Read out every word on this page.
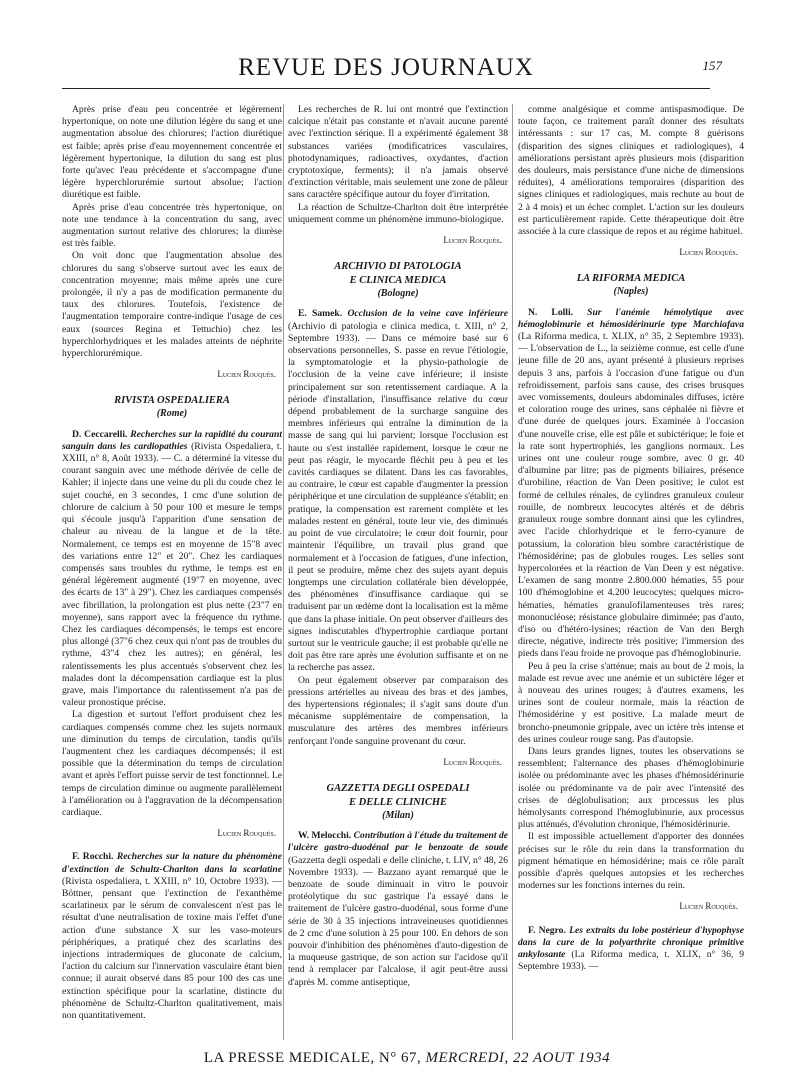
REVUE DES JOURNAUX	157

Après prise d'eau peu concentrée et légèrement hypertonique, on note une dilution légère du sang et une augmentation absolue des chlorures; l'action diurétique est faible; après prise d'eau moyennement concentrée et légèrement hypertonique, la dilution du sang est plus forte qu'avec l'eau précédente et s'accompagne d'une légère hyperchlorurémie surtout absolue; l'action diurétique est faible.

Après prise d'eau concentrée très hypertonique, on note une tendance à la concentration du sang, avec augmentation surtout relative des chlorures; la diurèse est très faible.

On voit donc que l'augmentation absolue des chlorures du sang s'observe surtout avec les eaux de concentration moyenne; mais même après une cure prolongée, il n'y a pas de modification permanente du taux des chlorures. Toutefois, l'existence de l'augmentation temporaire contre-indique l'usage de ces eaux (sources Regina et Tettuchio) chez les hyperchlorhydriques et les malades atteints de néphrite hyperchlorurémique.

Lucien Rouquès.

RIVISTA OSPEDALIERA
(Rome)

D. Ceccarelli. Recherches sur la rapidité du courant sanguin dans les cardiopathies (Rivista Ospedaliera, t. XXIII, n° 8, Août 1933). — C. a déterminé la vitesse du courant sanguin avec une méthode dérivée de celle de Kahler; il injecte dans une veine du pli du coude chez le sujet couché, en 3 secondes, 1 cmc d'une solution de chlorure de calcium à 50 pour 100 et mesure le temps qui s'écoule jusqu'à l'apparition d'une sensation de chaleur au niveau de la langue et de la tête. Normalement, ce temps est en moyenne de 15"8 avec des variations entre 12" et 20". Chez les cardiaques compensés sans troubles du rythme, le temps est en général légèrement augmenté (19"7 en moyenne, avec des écarts de 13" à 29"). Chez les cardiaques compensés avec fibrillation, la prolongation est plus nette (23"7 en moyenne), sans rapport avec la fréquence du rythme. Chez les cardiaques décompensés, le temps est encore plus allongé (37"6 chez ceux qui n'ont pas de troubles du rythme, 43"4 chez les autres); en général, les ralentissements les plus accentués s'observent chez les malades dont la décompensation cardiaque est la plus grave, mais l'importance du ralentissement n'a pas de valeur pronostique précise.

La digestion et surtout l'effort produisent chez les cardiaques compensés comme chez les sujets normaux une diminution du temps de circulation, tandis qu'ils l'augmentent chez les cardiaques décompensés; il est possible que la détermination du temps de circulation avant et après l'effort puisse servir de test fonctionnel. Le temps de circulation diminue ou augmente parallèlement à l'amélioration ou à l'aggravation de la décompensation cardiaque.

Lucien Rouquès.

F. Rocchi. Recherches sur la nature du phénomène d'extinction de Schultz-Charlton dans la scarlatine (Rivista ospedaliera, t. XXIII, n° 10, Octobre 1933). — Böttner, pensant que l'extinction de l'exanthème scarlatineux par le sérum de convalescent n'est pas le résultat d'une neutralisation de toxine mais l'effet d'une action d'une substance X sur les vaso-moteurs périphériques, a pratiqué chez des scarlatins des injections intradermiques de gluconate de calcium, l'action du calcium sur l'innervation vasculaire étant bien connue; il aurait observé dans 85 pour 100 des cas une extinction spécifique pour la scarlatine, distincte du phénomène de Schultz-Charlton qualitativement, mais non quantitativement.

Les recherches de R. lui ont montré que l'extinction calcique n'était pas constante et n'avait aucune parenté avec l'extinction sérique. Il a expérimenté également 38 substances variées (modificatrices vasculaires, photodynamiques, radioactives, oxydantes, d'action cryptotoxique, ferments); il n'a jamais observé d'extinction véritable, mais seulement une zone de pâleur sans caractère spécifique autour du foyer d'irritation.

La réaction de Schultze-Charlton doit être interprétée uniquement comme un phénomène immuno-biologique.

Lucien Rouquès.

ARCHIVIO DI PATOLOGIA
E CLINICA MEDICA
(Bologne)

E. Samek. Occlusion de la veine cave inférieure (Archivio di patologia e clinica medica, t. XIII, n° 2, Septembre 1933). — Dans ce mémoire basé sur 6 observations personnelles, S. passe en revue l'étiologie, la symptomatologie et la physio-pathologie de l'occlusion de la veine cave inférieure; il insiste principalement sur son retentissement cardiaque. A la période d'installation, l'insuffisance relative du cœur dépend probablement de la surcharge sanguine des membres inférieurs qui entraîne la diminution de la masse de sang qui lui parvient; lorsque l'occlusion est haute ou s'est installée rapidement, lorsque le cœur ne peut pas réagir, le myocarde fléchit peu à peu et les cavités cardiaques se dilatent. Dans les cas favorables, au contraire, le cœur est capable d'augmenter la pression périphérique et une circulation de suppléance s'établit; en pratique, la compensation est rarement complète et les malades restent en général, toute leur vie, des diminués au point de vue circulatoire; le cœur doit fournir, pour maintenir l'équilibre, un travail plus grand que normalement et à l'occasion de fatigues, d'une infection, il peut se produire, même chez des sujets ayant depuis longtemps une circulation collatérale bien développée, des phénomènes d'insuffisance cardiaque qui se traduisent par un œdème dont la localisation est la même que dans la phase initiale. On peut observer d'ailleurs des signes indiscutables d'hypertrophie cardiaque portant surtout sur le ventricule gauche; il est probable qu'elle ne doit pas être rare après une évolution suffisante et on ne la recherche pas assez.

On peut également observer par comparaison des pressions artérielles au niveau des bras et des jambes, des hypertensions régionales; il s'agit sans doute d'un mécanisme supplémentaire de compensation, la musculature des artères des membres inférieurs renforçant l'onde sanguine provenant du cœur.

Lucien Rouquès.

GAZZETTA DEGLI OSPEDALI
E DELLE CLINICHE
(Milan)

W. Melocchi. Contribution à l'étude du traitement de l'ulcère gastro-duodénal par le benzoate de soude (Gazzetta degli ospedali e delle cliniche, t. LIV, n° 48, 26 Novembre 1933). — Bazzano ayant remarqué que le benzoate de soude diminuait in vitro le pouvoir protéolytique du suc gastrique l'a essayé dans le traitement de l'ulcère gastro-duodénal, sous forme d'une série de 30 à 35 injections intraveineuses quotidiennes de 2 cmc d'une solution à 25 pour 100. En dehors de son pouvoir d'inhibition des phénomènes d'auto-digestion de la muqueuse gastrique, de son action sur l'acidose qu'il tend à remplacer par l'alcalose, il agit peut-être aussi d'après M. comme antiseptique,

comme analgésique et comme antispasmodique. De toute façon, ce traitement paraît donner des résultats intéressants : sur 17 cas, M. compte 8 guérisons (disparition des signes cliniques et radiologiques), 4 améliorations persistant après plusieurs mois (disparition des douleurs, mais persistance d'une niche de dimensions réduites), 4 améliorations temporaires (disparition des signes cliniques et radiologiques, mais rechute au bout de 2 à 4 mois) et un échec complet. L'action sur les douleurs est particulièrement rapide. Cette thérapeutique doit être associée à la cure classique de repos et au régime habituel.

Lucien Rouquès.

LA RIFORMA MEDICA
(Naples)

N. Lolli. Sur l'anémie hémolytique avec hémoglobinurie et hémosidérinurie type Marchiafava (La Riforma medica, t. XLIX, n° 35, 2 Septembre 1933). — L'observation de L., la seizième connue, est celle d'une jeune fille de 20 ans, ayant présenté à plusieurs reprises depuis 3 ans, parfois à l'occasion d'une fatigue ou d'un refroidissement, parfois sans cause, des crises brusques avec vomissements, douleurs abdominales diffuses, ictère et coloration rouge des urines, sans céphalée ni fièvre et d'une durée de quelques jours. Examinée à l'occasion d'une nouvelle crise, elle est pâle et subictérique; le foie et la rate sont hypertrophiés, les ganglions normaux. Les urines ont une couleur rouge sombre, avec 0 gr. 40 d'albumine par litre; pas de pigments biliaires, présence d'urobiline, réaction de Van Deen positive; le culot est formé de cellules rénales, de cylindres granuleux couleur rouille, de nombreux leucocytes altérés et de débris granuleux rouge sombre donnant ainsi que les cylindres, avec l'acide chlorhydrique et le ferro-cyanure de potassium, la coloration bleu sombre caractéristique de l'hémosidérine; pas de globules rouges. Les selles sont hypercolorées et la réaction de Van Deen y est négative. L'examen de sang montre 2.800.000 hématies, 55 pour 100 d'hémoglobine et 4.200 leucocytes; quelques micro-hématies, hématies granulofilamenteuses très rares; mononucléose; résistance globulaire diminuée; pas d'auto, d'iso ou d'hétéro-lysines; réaction de Van den Bergh directe, négative, indirecte très positive; l'immersion des pieds dans l'eau froide ne provoque pas d'hémoglobinurie.

Peu à peu la crise s'atténue; mais au bout de 2 mois, la malade est revue avec une anémie et un subictère léger et à nouveau des urines rouges; à d'autres examens, les urines sont de couleur normale, mais la réaction de l'hémosidérine y est positive. La malade meurt de broncho-pneumonie grippale, avec un ictère très intense et des urines couleur rouge sang. Pas d'autopsie.

Dans leurs grandes lignes, toutes les observations se ressemblent; l'alternance des phases d'hémoglobinurie isolée ou prédominante avec les phases d'hémosidérinurie isolée ou prédominante va de pair avec l'intensité des crises de déglobulisation; aux processus les plus hémolysants correspond l'hémoglubinurie, aux processus plus atténués, d'évolution chronique, l'hémosidérinurie.

Il est impossible actuellement d'apporter des données précises sur le rôle du rein dans la transformation du pigment hématique en hémosidérine; mais ce rôle paraît possible d'après quelques autopsies et les recherches modernes sur les fonctions internes du rein.

Lucien Rouquès.

F. Negro. Les extraits du lobe postérieur d'hypophyse dans la cure de la polyarthrite chronique primitive ankylosante (La Riforma medica, t. XLIX, n° 36, 9 Septembre 1933). —

LA PRESSE MEDICALE, N° 67, MERCREDI, 22 AOUT 1934
